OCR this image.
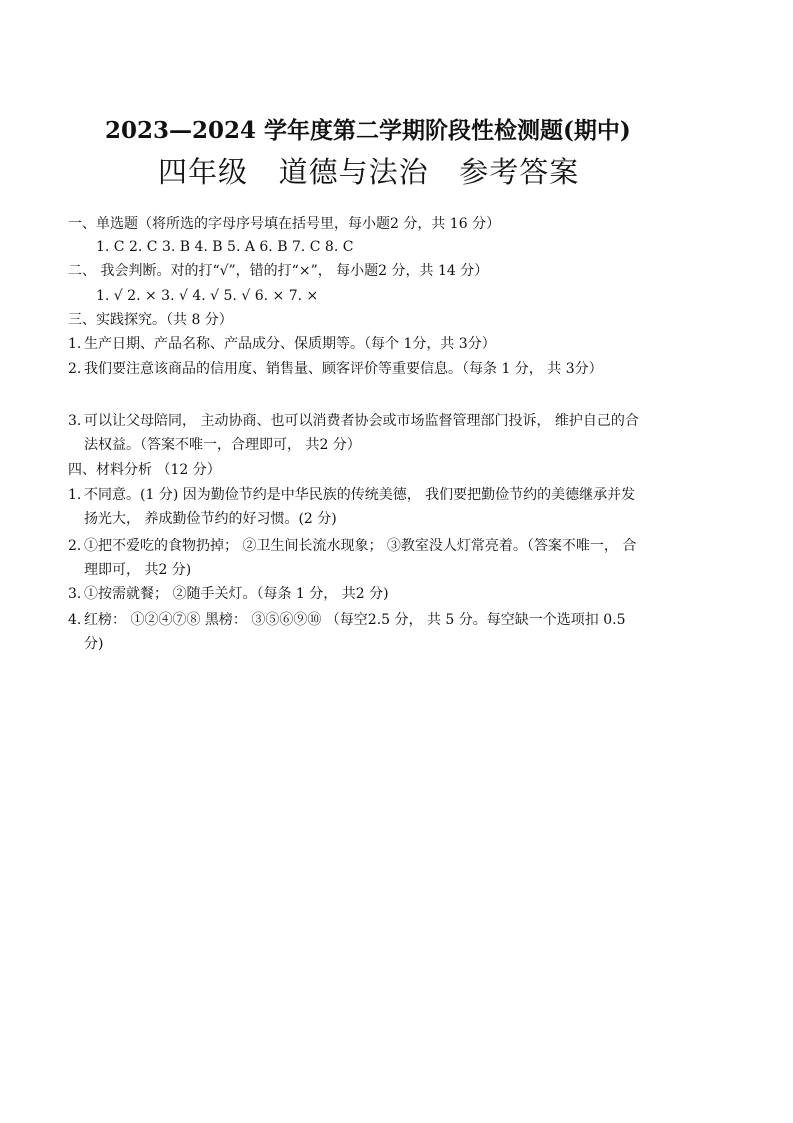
2023—2024 学年度第二学期阶段性检测题(期中)
四年级   道德与法治   参考答案
一、单选题（将所选的字母序号填在括号里，每小题2 分，共 16 分）
1. C 2. C 3. B 4. B 5. A 6. B 7. C 8. C
二、 我会判断。对的打“√”，错的打“×”， 每小题2 分，共 14 分）
1. √ 2. × 3. √ 4. √ 5. √ 6. × 7. ×
三、实践探究。（共 8 分）
1. 生产日期、产品名称、产品成分、保质期等。（每个 1分，共 3分）
2. 我们要注意该商品的信用度、销售量、顾客评价等重要信息。（每条 1 分， 共 3分）
3. 可以让父母陪同， 主动协商、也可以消费者协会或市场监督管理部门投诉， 维护自己的合法权益。（答案不唯一，合理即可， 共2 分）
四、材料分析 （12 分）
1. 不同意。(1 分) 因为勤俭节约是中华民族的传统美德， 我们要把勤俭节约的美德继承并发扬光大， 养成勤俭节约的好习惯。(2 分)
2. ①把不爱吃的食物扔掉； ②卫生间长流水现象； ③教室没人灯常亮着。（答案不唯一， 合理即可， 共2 分)
3. ①按需就餐； ②随手关灯。（每条 1 分， 共2 分)
4. 红榜： ①②④⑦⑧ 黑榜： ③⑤⑥⑨⑩ （每空2.5 分， 共 5 分。每空缺一个选项扣 0.5 分)
